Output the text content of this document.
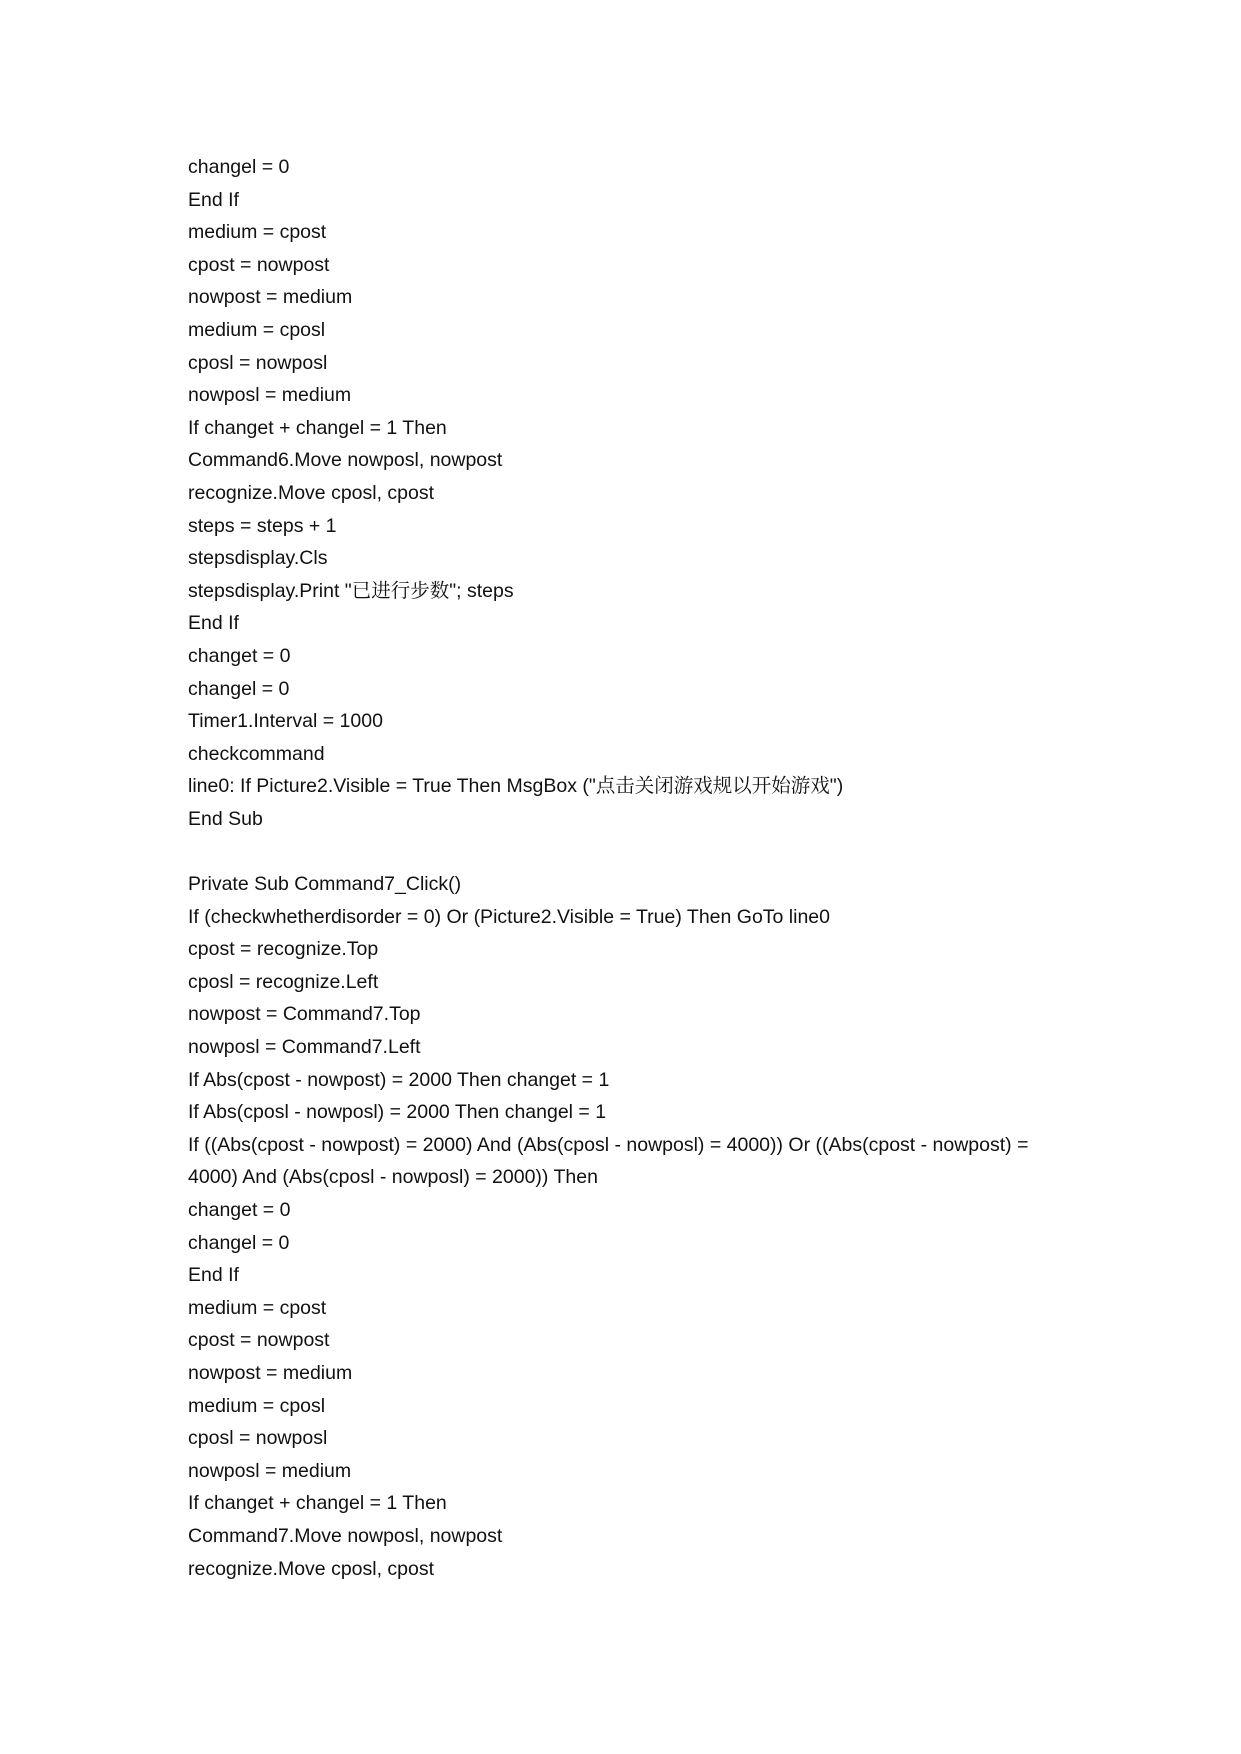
changel = 0
End If
medium = cpost
cpost = nowpost
nowpost = medium
medium = cposl
cposl = nowposl
nowposl = medium
If changet + changel = 1 Then
Command6.Move nowposl, nowpost
recognize.Move cposl, cpost
steps = steps + 1
stepsdisplay.Cls
stepsdisplay.Print "已进行步数"; steps
End If
changet = 0
changel = 0
Timer1.Interval = 1000
checkcommand
line0: If Picture2.Visible = True Then MsgBox ("点击关闭游戏规以开始游戏")
End Sub
Private Sub Command7_Click()
If (checkwhetherdisorder = 0) Or (Picture2.Visible = True) Then GoTo line0
cpost = recognize.Top
cposl = recognize.Left
nowpost = Command7.Top
nowposl = Command7.Left
If Abs(cpost - nowpost) = 2000 Then changet = 1
If Abs(cposl - nowposl) = 2000 Then changel = 1
If ((Abs(cpost - nowpost) = 2000) And (Abs(cposl - nowposl) = 4000)) Or ((Abs(cpost - nowpost) = 4000) And (Abs(cposl - nowposl) = 2000)) Then
changet = 0
changel = 0
End If
medium = cpost
cpost = nowpost
nowpost = medium
medium = cposl
cposl = nowposl
nowposl = medium
If changet + changel = 1 Then
Command7.Move nowposl, nowpost
recognize.Move cposl, cpost
